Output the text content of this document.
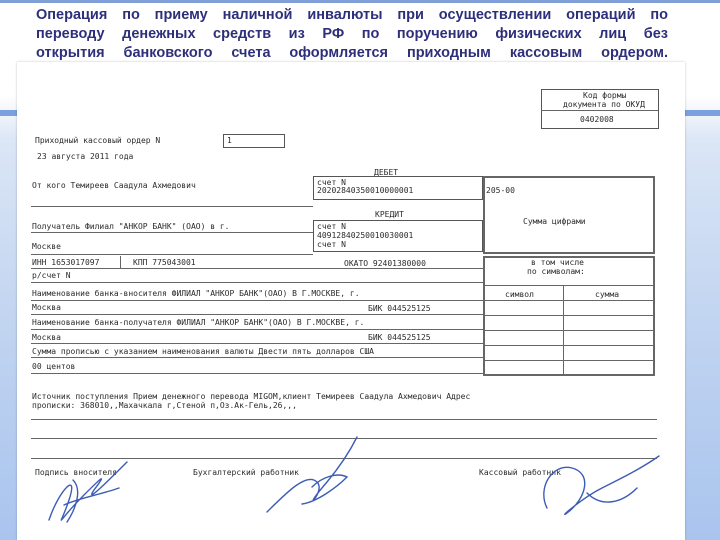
Операция по приему наличной инвалюты при осуществлении операций по
переводу денежных средств из РФ по поручению физических лиц без
открытия банковского счета оформляется приходным кассовым ордером.
Код формы
документа по ОКУД
0402008
Приходный кассовый ордер N	1
23 августа 2011 года
ДЕБЕТ
От кого Темиреев Саадула Ахмедович	счет N
20202840350010000001	205-00
КРЕДИТ
Получатель Филиал "АНКОР БАНК" (ОАО) в г.
Москве
счет N
40912840250010030001
счет N
Сумма цифрами
ИНН 1653017097	КПП 775043001	ОКАТО 92401380000
р/счет N
в том числе
по символам:
символ	сумма
Наименование банка-вносителя ФИЛИАЛ "АНКОР БАНК"(ОАО) В Г.МОСКВЕ, г.
Москва	БИК 044525125
Наименование банка-получателя ФИЛИАЛ "АНКОР БАНК"(ОАО) В Г.МОСКВЕ, г.
Москва	БИК 044525125
Сумма прописью с указанием наименования валюты Двести пять долларов США
00 центов
Источник поступления Прием денежного перевода MIGOM,клиент Темиреев Саадула Ахмедович Адрес
прописки: 368010,,Махачкала г,Стеной п,Оз.Ак-Гель,26,,,
Подпись вносителя	Бухгалтерский работник	Кассовый работник
